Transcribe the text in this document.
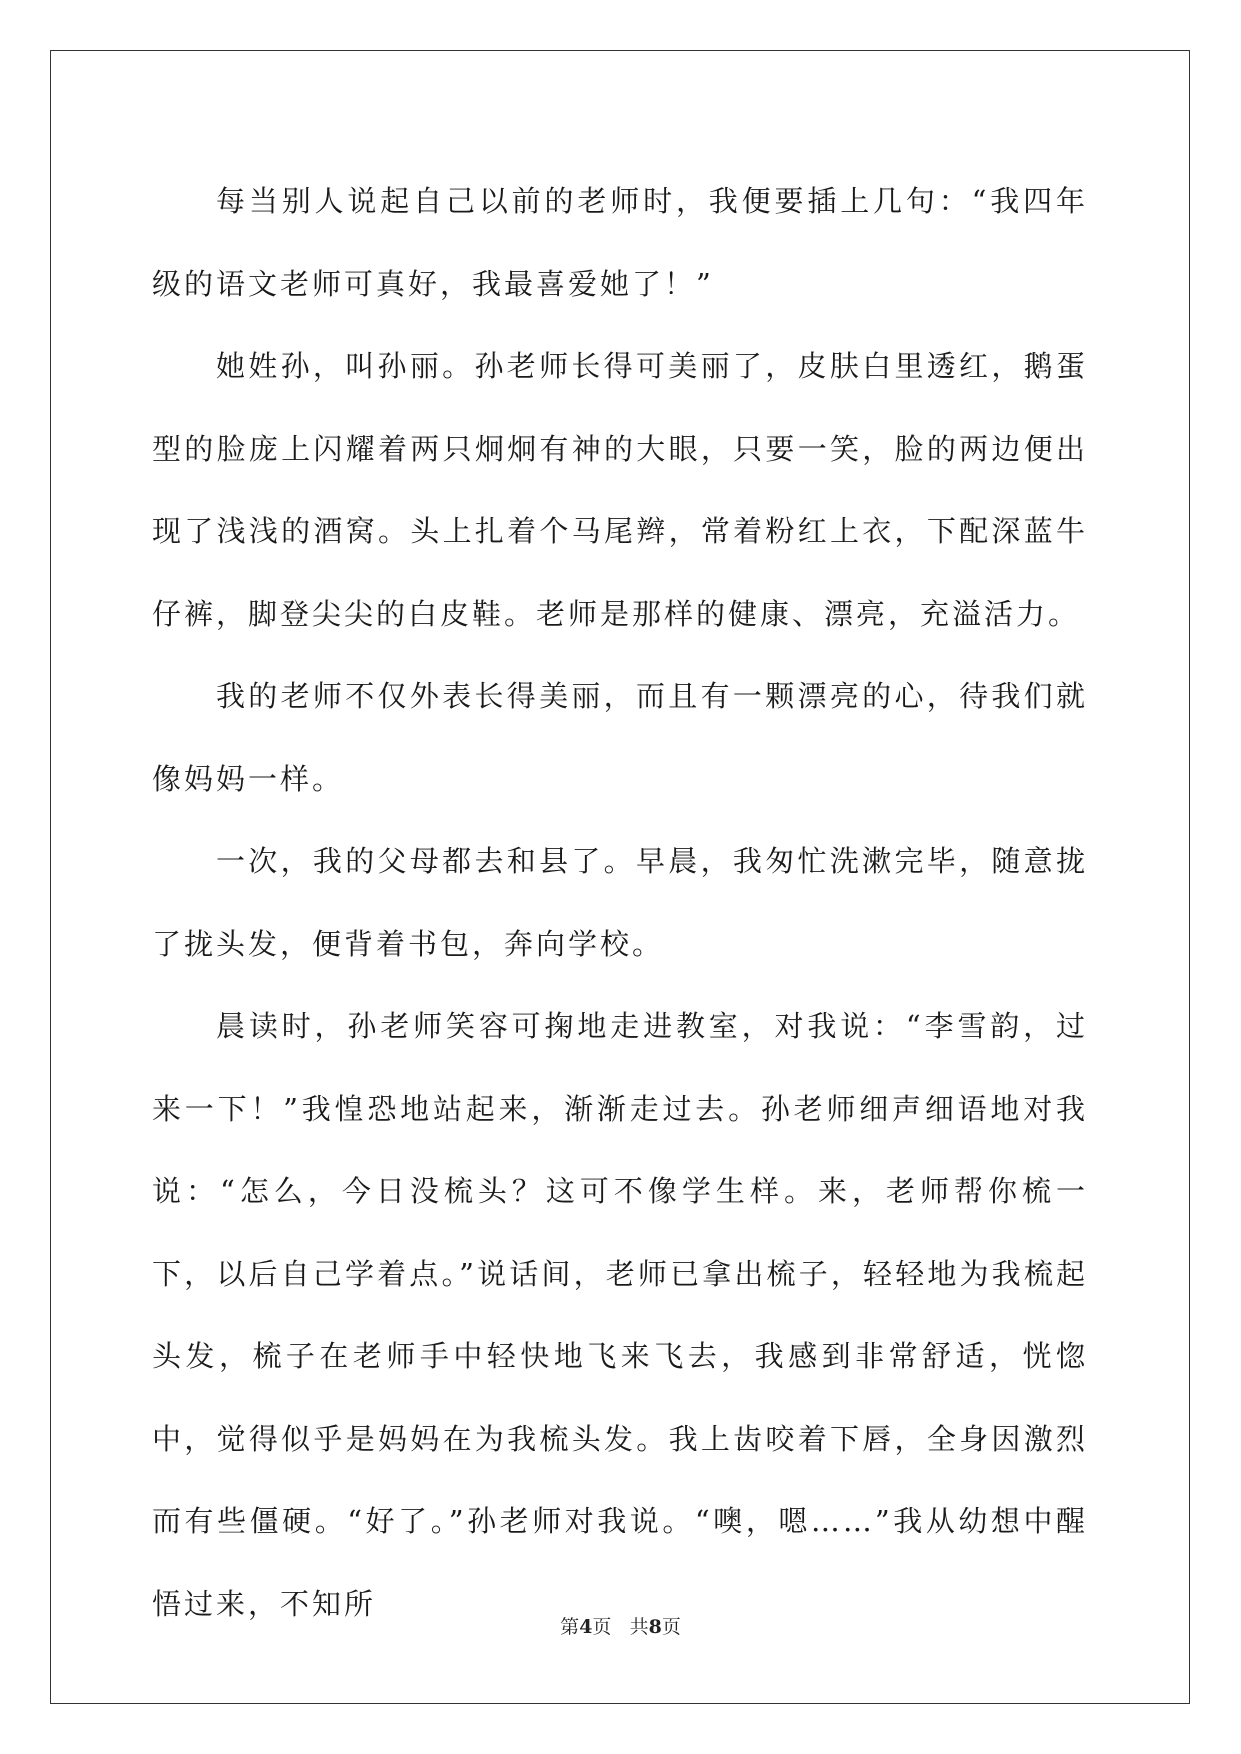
每当别人说起自己以前的老师时，我便要插上几句：“我四年级的语文老师可真好，我最喜爱她了！”

她姓孙，叫孙丽。孙老师长得可美丽了，皮肤白里透红，鹅蛋型的脸庞上闪耀着两只炯炯有神的大眼，只要一笑，脸的两边便出现了浅浅的酒窝。头上扎着个马尾辫，常着粉红上衣，下配深蓝牛仔裤，脚登尖尖的白皮鞋。老师是那样的健康、漂亮，充溢活力。

我的老师不仅外表长得美丽，而且有一颗漂亮的心，待我们就像妈妈一样。

一次，我的父母都去和县了。早晨，我匆忙洗漱完毕，随意拢了拢头发，便背着书包，奔向学校。

晨读时，孙老师笑容可掬地走进教室，对我说：“李雪韵，过来一下！”我惶恐地站起来，渐渐走过去。孙老师细声细语地对我说：“怎么，今日没梳头？这可不像学生样。来，老师帮你梳一下，以后自己学着点。”说话间，老师已拿出梳子，轻轻地为我梳起头发，梳子在老师手中轻快地飞来飞去，我感到非常舒适，恍惚中，觉得似乎是妈妈在为我梳头发。我上齿咬着下唇，全身因激烈而有些僵硬。“好了。”孙老师对我说。“噢，嗯……”我从幼想中醒悟过来，不知所

第4页 共8页
